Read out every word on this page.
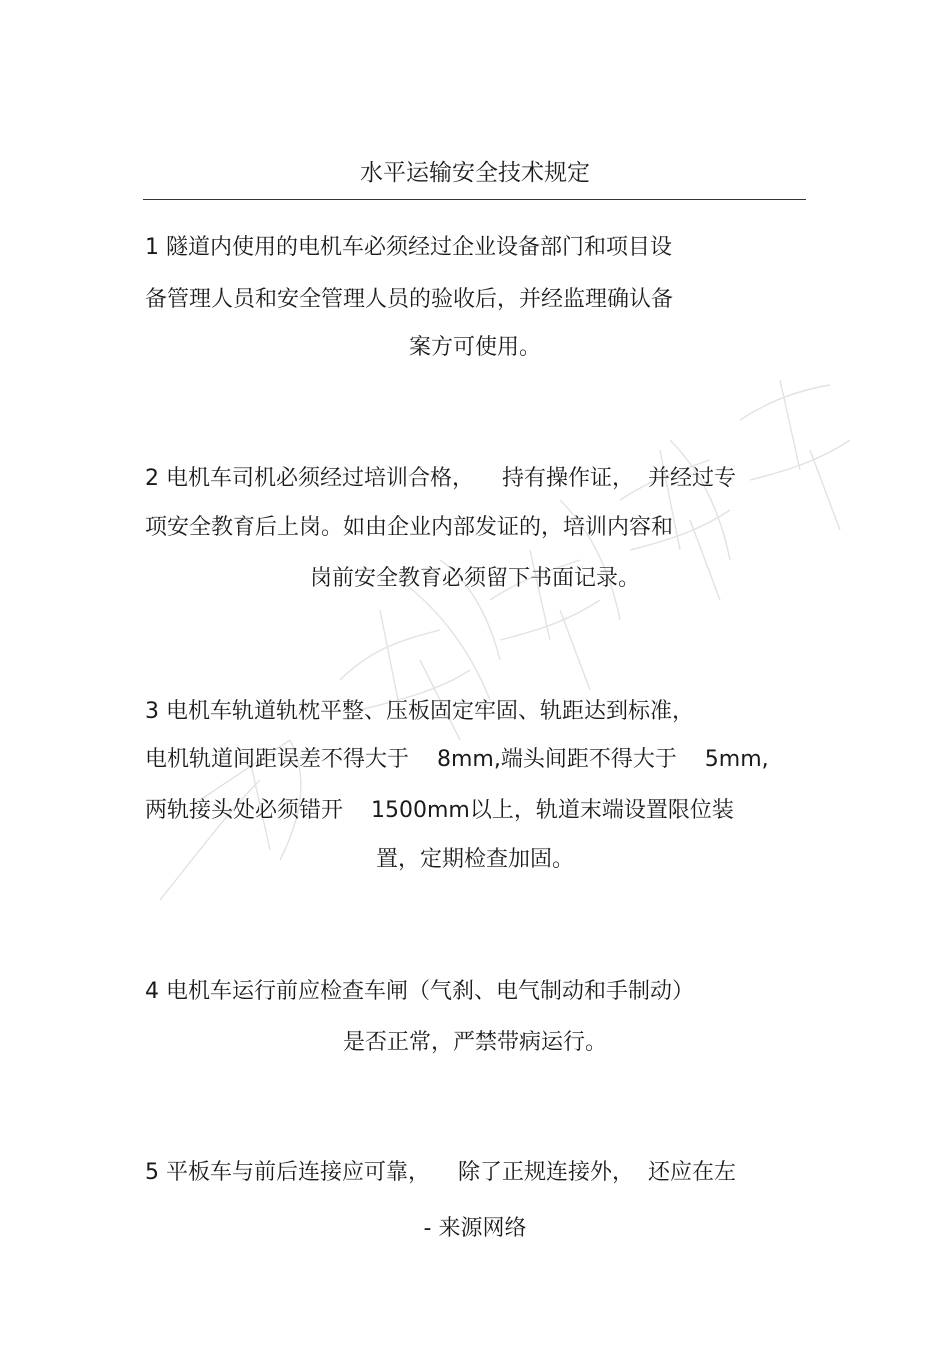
水平运输安全技术规定
1 隧道内使用的电机车必须经过企业设备部门和项目设
备管理人员和安全管理人员的验收后，并经监理确认备
案方可使用。
2 电机车司机必须经过培训合格，    持有操作证，  并经过专
项安全教育后上岗。如由企业内部发证的，培训内容和
岗前安全教育必须留下书面记录。
3 电机车轨道轨枕平整、压板固定牢固、轨距达到标准，
电机轨道间距误差不得大于    8mm,端头间距不得大于    5mm,
两轨接头处必须错开    1500mm以上，轨道末端设置限位装
置，定期检查加固。
4 电机车运行前应检查车闸（气刹、电气制动和手制动）
是否正常，严禁带病运行。
5 平板车与前后连接应可靠，    除了正规连接外，  还应在左
- 来源网络
